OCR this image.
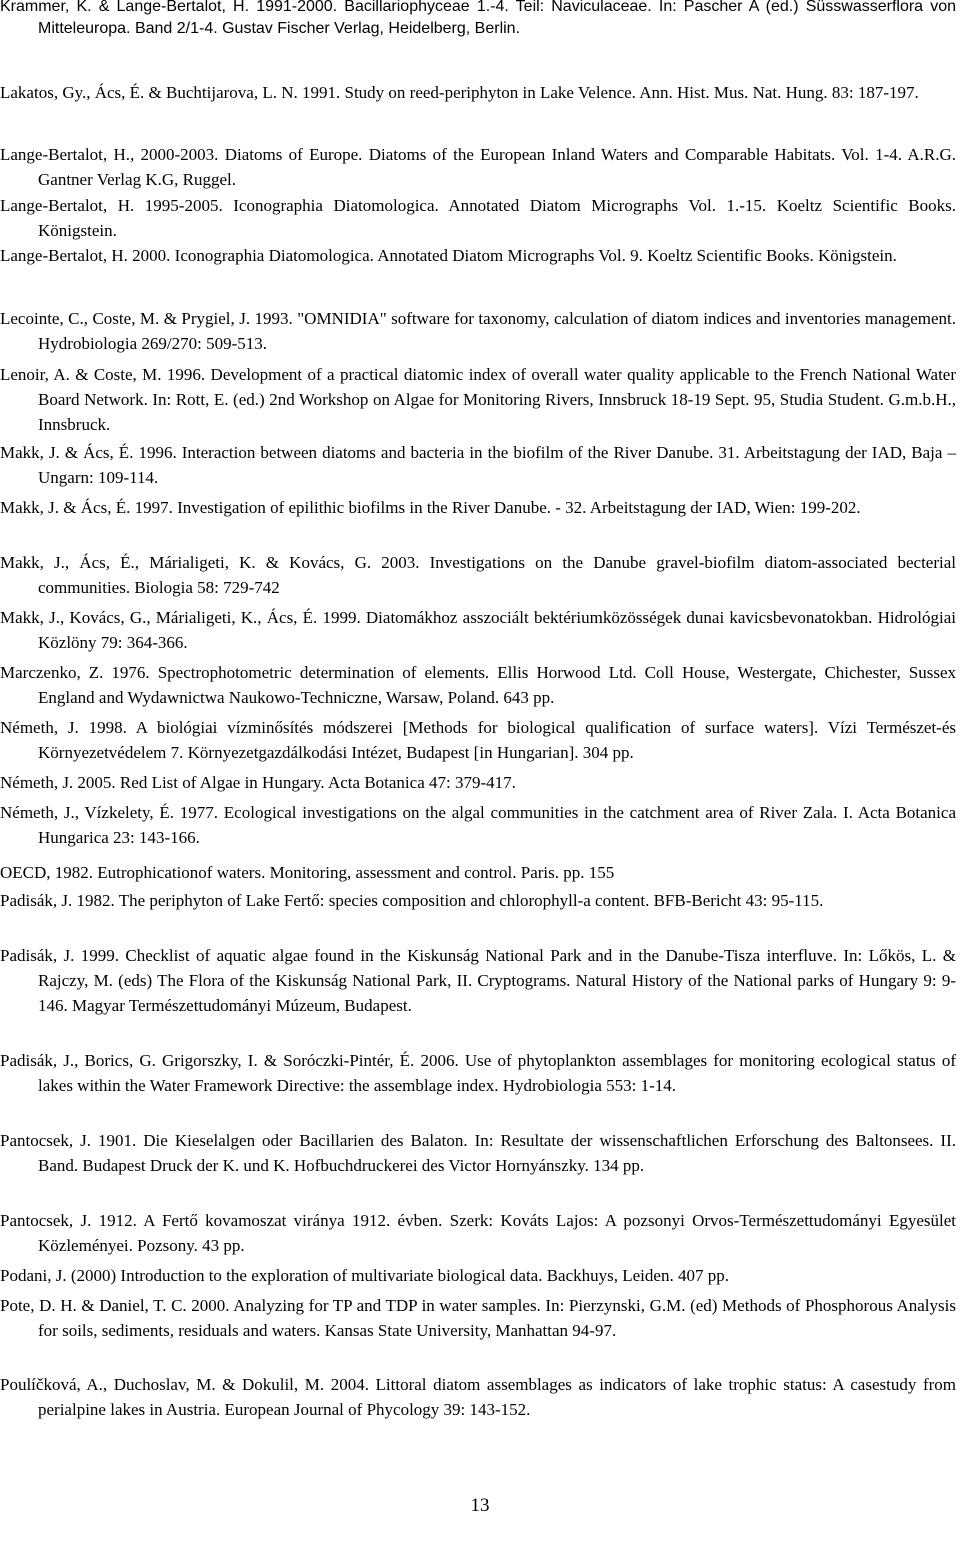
Krammer, K. & Lange-Bertalot, H. 1991-2000. Bacillariophyceae 1.-4. Teil: Naviculaceae. In: Pascher A (ed.) Süsswasserflora von Mitteleuropa. Band 2/1-4. Gustav Fischer Verlag, Heidelberg, Berlin.

Lakatos, Gy., Ács, É. & Buchtijarova, L. N. 1991. Study on reed-periphyton in Lake Velence. Ann. Hist. Mus. Nat. Hung. 83: 187-197.

Lange-Bertalot, H., 2000-2003. Diatoms of Europe. Diatoms of the European Inland Waters and Comparable Habitats. Vol. 1-4. A.R.G. Gantner Verlag K.G, Ruggel.

Lange-Bertalot, H. 1995-2005. Iconographia Diatomologica. Annotated Diatom Micrographs Vol. 1.-15. Koeltz Scientific Books. Königstein.

Lange-Bertalot, H. 2000. Iconographia Diatomologica. Annotated Diatom Micrographs Vol. 9. Koeltz Scientific Books. Königstein.

Lecointe, C., Coste, M. & Prygiel, J. 1993. "OMNIDIA" software for taxonomy, calculation of diatom indices and inventories management. Hydrobiologia 269/270: 509-513.

Lenoir, A. & Coste, M. 1996. Development of a practical diatomic index of overall water quality applicable to the French National Water Board Network. In: Rott, E. (ed.) 2nd Workshop on Algae for Monitoring Rivers, Innsbruck 18-19 Sept. 95, Studia Student. G.m.b.H., Innsbruck.

Makk, J. & Ács, É. 1996. Interaction between diatoms and bacteria in the biofilm of the River Danube. 31. Arbeitstagung der IAD, Baja – Ungarn: 109-114.

Makk, J. & Ács, É. 1997. Investigation of epilithic biofilms in the River Danube. - 32. Arbeitstagung der IAD, Wien: 199-202.

Makk, J., Ács, É., Márialigeti, K. & Kovács, G. 2003. Investigations on the Danube gravel-biofilm diatom-associated becterial communities. Biologia 58: 729-742

Makk, J., Kovács, G., Márialigeti, K., Ács, É. 1999. Diatomákhoz asszociált bektériumközösségek dunai kavicsbevonatokban. Hidrológiai Közlöny 79: 364-366.

Marczenko, Z. 1976. Spectrophotometric determination of elements. Ellis Horwood Ltd. Coll House, Westergate, Chichester, Sussex England and Wydawnictwa Naukowo-Techniczne, Warsaw, Poland. 643 pp.

Németh, J. 1998. A biológiai vízminősítés módszerei [Methods for biological qualification of surface waters]. Vízi Természet-és Környezetvédelem 7. Környezetgazdálkodási Intézet, Budapest [in Hungarian]. 304 pp.

Németh, J. 2005. Red List of Algae in Hungary. Acta Botanica 47: 379-417.

Németh, J., Vízkelety, É. 1977. Ecological investigations on the algal communities in the catchment area of River Zala. I. Acta Botanica Hungarica 23: 143-166.

OECD, 1982. Eutrophicationof waters. Monitoring, assessment and control. Paris. pp. 155

Padisák, J. 1982. The periphyton of Lake Fertő: species composition and chlorophyll-a content. BFB-Bericht 43: 95-115.

Padisák, J. 1999. Checklist of aquatic algae found in the Kiskunság National Park and in the Danube-Tisza interfluve. In: Lőkös, L. & Rajczy, M. (eds) The Flora of the Kiskunság National Park, II. Cryptograms. Natural History of the National parks of Hungary 9: 9-146. Magyar Természettudományi Múzeum, Budapest.

Padisák, J., Borics, G. Grigorszky, I. & Soróczki-Pintér, É. 2006. Use of phytoplankton assemblages for monitoring ecological status of lakes within the Water Framework Directive: the assemblage index. Hydrobiologia 553: 1-14.

Pantocsek, J. 1901. Die Kieselalgen oder Bacillarien des Balaton. In: Resultate der wissenschaftlichen Erforschung des Baltonsees. II. Band. Budapest Druck der K. und K. Hofbuchdruckerei des Victor Hornyánszky. 134 pp.

Pantocsek, J. 1912. A Fertő kovamoszat viránya 1912. évben. Szerk: Kováts Lajos: A pozsonyi Orvos-Természettudományi Egyesület Közleményei. Pozsony. 43 pp.

Podani, J. (2000) Introduction to the exploration of multivariate biological data. Backhuys, Leiden. 407 pp.

Pote, D. H. & Daniel, T. C. 2000. Analyzing for TP and TDP in water samples. In: Pierzynski, G.M. (ed) Methods of Phosphorous Analysis for soils, sediments, residuals and waters. Kansas State University, Manhattan 94-97.

Poulíčková, A., Duchoslav, M. & Dokulil, M. 2004. Littoral diatom assemblages as indicators of lake trophic status: A casestudy from perialpine lakes in Austria. European Journal of Phycology 39: 143-152.

13
